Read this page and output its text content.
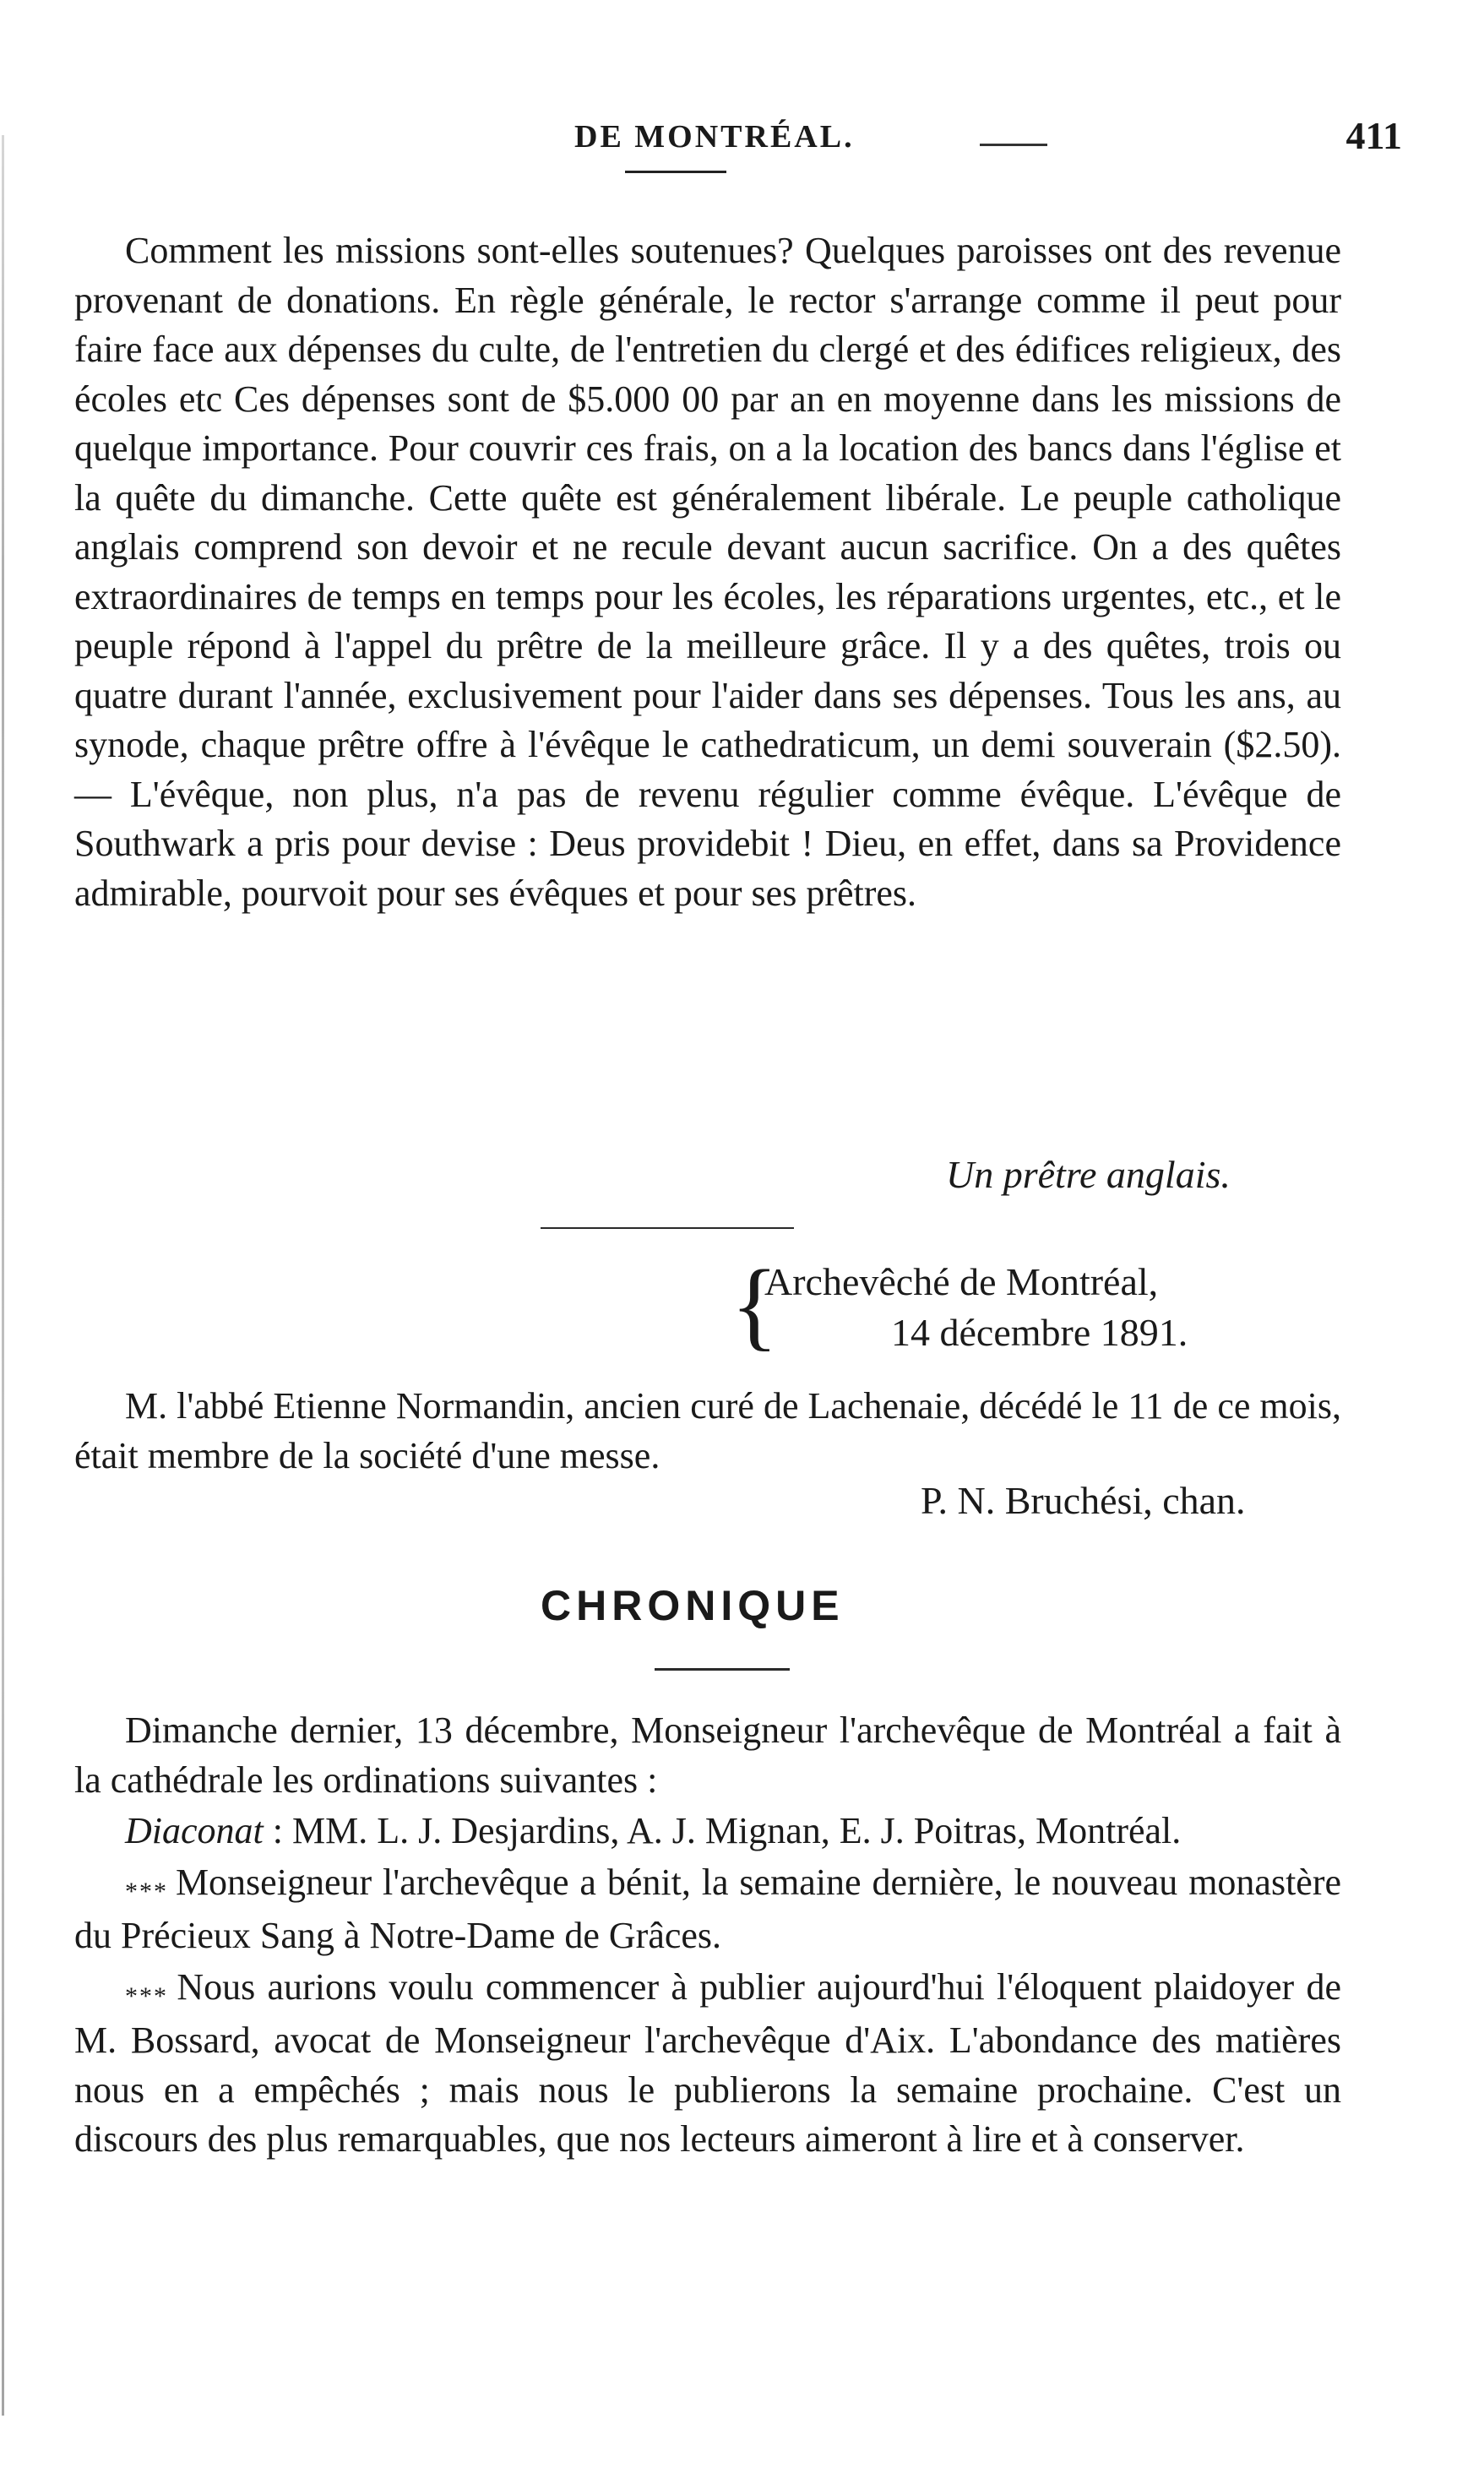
DE MONTRÉAL.	411

Comment les missions sont-elles soutenues? Quelques paroisses ont des revenue provenant de donations. En règle générale, le rector s'arrange comme il peut pour faire face aux dépenses du culte, de l'entretien du clergé et des édifices religieux, des écoles etc Ces dépenses sont de $5.000 00 par an en moyenne dans les missions de quelque importance. Pour couvrir ces frais, on a la location des bancs dans l'église et la quête du dimanche. Cette quête est généralement libérale. Le peuple catholique anglais comprend son devoir et ne recule devant aucun sacrifice. On a des quêtes extraordinaires de temps en temps pour les écoles, les réparations urgentes, etc., et le peuple répond à l'appel du prêtre de la meilleure grâce. Il y a des quêtes, trois ou quatre durant l'année, exclusivement pour l'aider dans ses dépenses. Tous les ans, au synode, chaque prêtre offre à l'évêque le cathedraticum, un demi souverain ($2.50). — L'évêque, non plus, n'a pas de revenu régulier comme évêque. L'évêque de Southwark a pris pour devise : Deus providebit ! Dieu, en effet, dans sa Providence admirable, pourvoit pour ses évêques et pour ses prêtres.

Un prêtre anglais.
{
Archevêché de Montréal,
14 décembre 1891.
M. l'abbé Etienne Normandin, ancien curé de Lachenaie, décédé le 11 de ce mois, était membre de la société d'une messe.
P. N. Bruchési, chan.
CHRONIQUE

Dimanche dernier, 13 décembre, Monseigneur l'archevêque de Montréal a fait à la cathédrale les ordinations suivantes :

Diaconat : MM. L. J. Desjardins, A. J. Mignan, E. J. Poitras, Montréal.

* * * Monseigneur l'archevêque a bénit, la semaine dernière, le nouveau monastère du Précieux Sang à Notre-Dame de Grâces.

* * * Nous aurions voulu commencer à publier aujourd'hui l'éloquent plaidoyer de M. Bossard, avocat de Monseigneur l'archevêque d'Aix. L'abondance des matières nous en a empêchés ; mais nous le publierons la semaine prochaine. C'est un discours des plus remarquables, que nos lecteurs aimeront à lire et à conserver.
